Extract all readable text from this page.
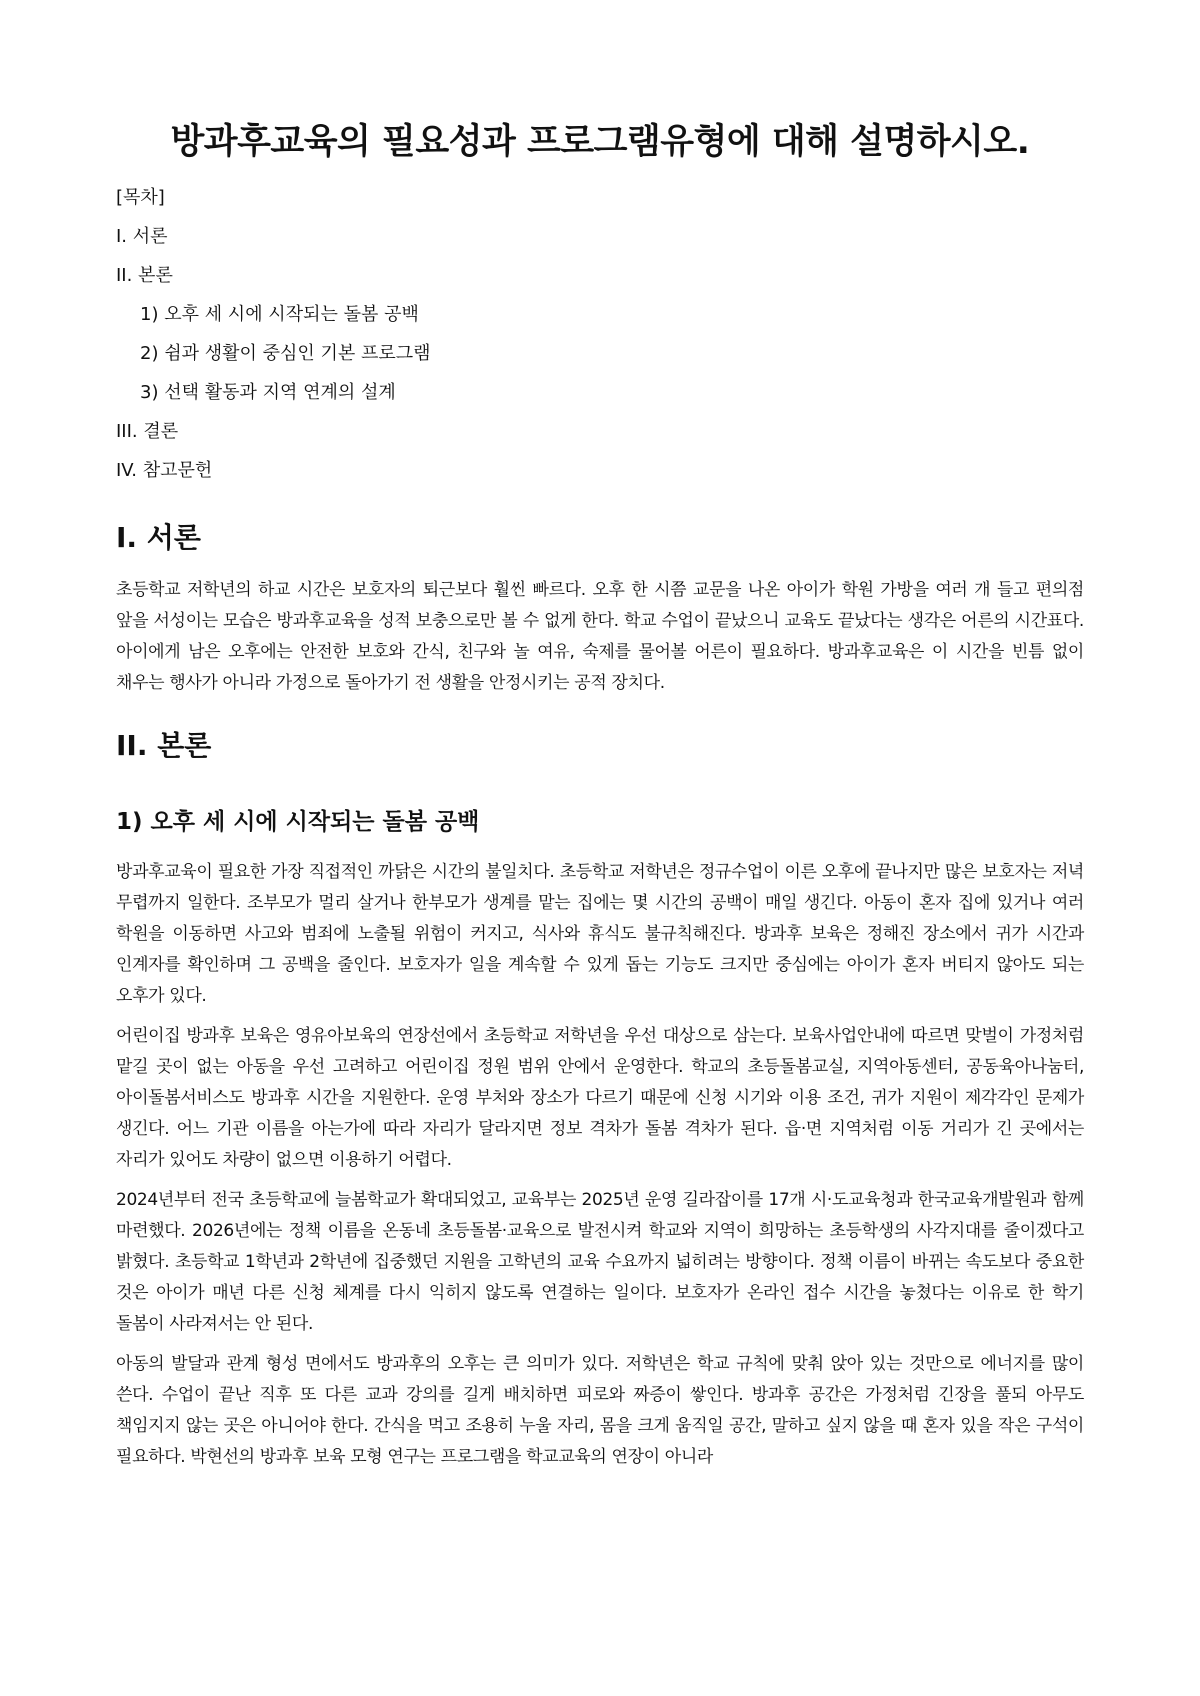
방과후교육의 필요성과 프로그램유형에 대해 설명하시오.
[목차]
I. 서론
II. 본론
1) 오후 세 시에 시작되는 돌봄 공백
2) 쉼과 생활이 중심인 기본 프로그램
3) 선택 활동과 지역 연계의 설계
III. 결론
IV. 참고문헌
I. 서론

초등학교 저학년의 하교 시간은 보호자의 퇴근보다 훨씬 빠르다. 오후 한 시쯤 교문을 나온 아이가 학원 가방을 여러 개 들고 편의점 앞을 서성이는 모습은 방과후교육을 성적 보충으로만 볼 수 없게 한다. 학교 수업이 끝났으니 교육도 끝났다는 생각은 어른의 시간표다. 아이에게 남은 오후에는 안전한 보호와 간식, 친구와 놀 여유, 숙제를 물어볼 어른이 필요하다. 방과후교육은 이 시간을 빈틈 없이 채우는 행사가 아니라 가정으로 돌아가기 전 생활을 안정시키는 공적 장치다.

II. 본론
1) 오후 세 시에 시작되는 돌봄 공백

방과후교육이 필요한 가장 직접적인 까닭은 시간의 불일치다. 초등학교 저학년은 정규수업이 이른 오후에 끝나지만 많은 보호자는 저녁 무렵까지 일한다. 조부모가 멀리 살거나 한부모가 생계를 맡는 집에는 몇 시간의 공백이 매일 생긴다. 아동이 혼자 집에 있거나 여러 학원을 이동하면 사고와 범죄에 노출될 위험이 커지고, 식사와 휴식도 불규칙해진다. 방과후 보육은 정해진 장소에서 귀가 시간과 인계자를 확인하며 그 공백을 줄인다. 보호자가 일을 계속할 수 있게 돕는 기능도 크지만 중심에는 아이가 혼자 버티지 않아도 되는 오후가 있다.

어린이집 방과후 보육은 영유아보육의 연장선에서 초등학교 저학년을 우선 대상으로 삼는다. 보육사업안내에 따르면 맞벌이 가정처럼 맡길 곳이 없는 아동을 우선 고려하고 어린이집 정원 범위 안에서 운영한다. 학교의 초등돌봄교실, 지역아동센터, 공동육아나눔터, 아이돌봄서비스도 방과후 시간을 지원한다. 운영 부처와 장소가 다르기 때문에 신청 시기와 이용 조건, 귀가 지원이 제각각인 문제가 생긴다. 어느 기관 이름을 아는가에 따라 자리가 달라지면 정보 격차가 돌봄 격차가 된다. 읍·면 지역처럼 이동 거리가 긴 곳에서는 자리가 있어도 차량이 없으면 이용하기 어렵다.

2024년부터 전국 초등학교에 늘봄학교가 확대되었고, 교육부는 2025년 운영 길라잡이를 17개 시·도교육청과 한국교육개발원과 함께 마련했다. 2026년에는 정책 이름을 온동네 초등돌봄·교육으로 발전시켜 학교와 지역이 희망하는 초등학생의 사각지대를 줄이겠다고 밝혔다. 초등학교 1학년과 2학년에 집중했던 지원을 고학년의 교육 수요까지 넓히려는 방향이다. 정책 이름이 바뀌는 속도보다 중요한 것은 아이가 매년 다른 신청 체계를 다시 익히지 않도록 연결하는 일이다. 보호자가 온라인 접수 시간을 놓쳤다는 이유로 한 학기 돌봄이 사라져서는 안 된다.

아동의 발달과 관계 형성 면에서도 방과후의 오후는 큰 의미가 있다. 저학년은 학교 규칙에 맞춰 앉아 있는 것만으로 에너지를 많이 쓴다. 수업이 끝난 직후 또 다른 교과 강의를 길게 배치하면 피로와 짜증이 쌓인다. 방과후 공간은 가정처럼 긴장을 풀되 아무도 책임지지 않는 곳은 아니어야 한다. 간식을 먹고 조용히 누울 자리, 몸을 크게 움직일 공간, 말하고 싶지 않을 때 혼자 있을 작은 구석이 필요하다. 박현선의 방과후 보육 모형 연구는 프로그램을 학교교육의 연장이 아니라
